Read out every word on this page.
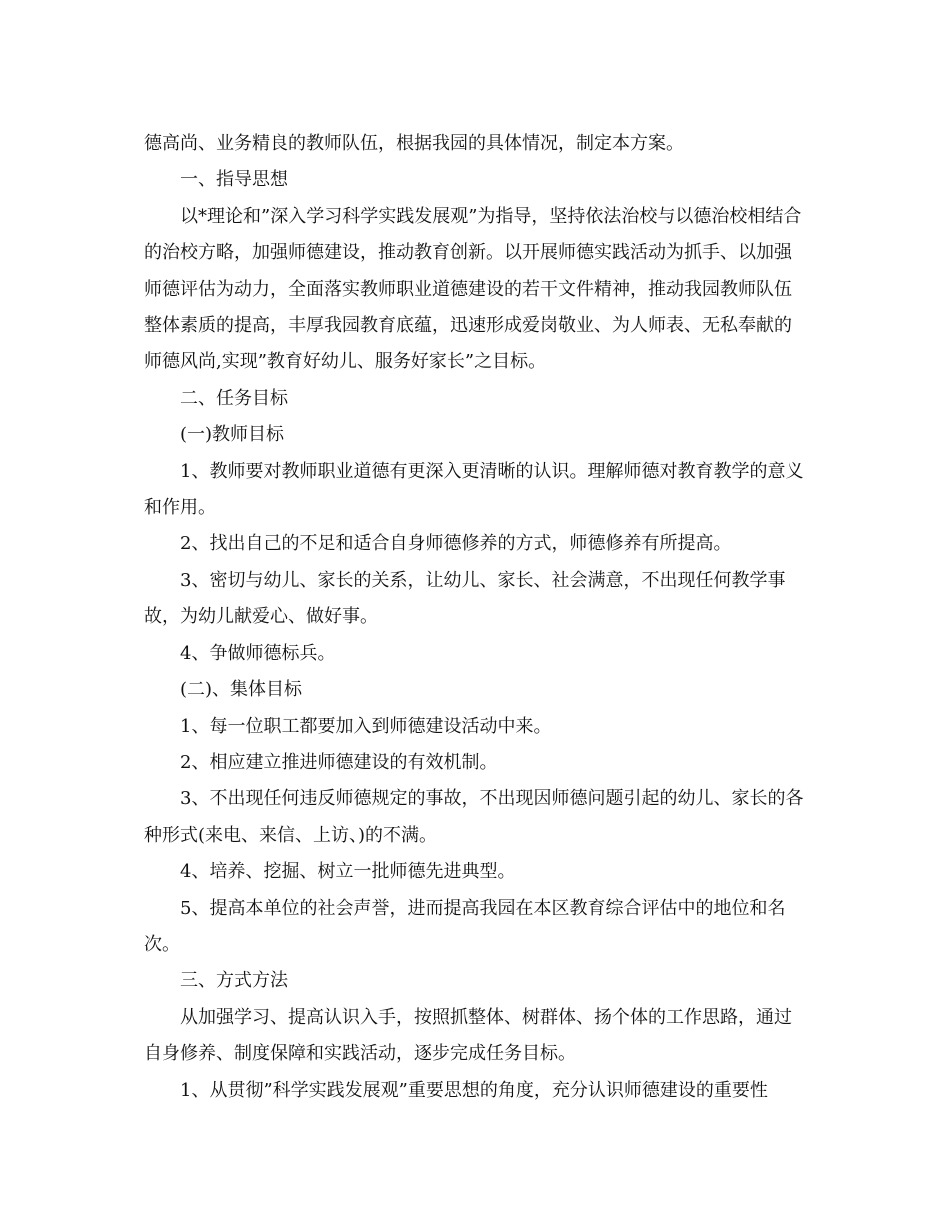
德高尚、业务精良的教师队伍，根据我园的具体情况，制定本方案。

一、指导思想

以*理论和”深入学习科学实践发展观”为指导，坚持依法治校与以德治校相结合的治校方略，加强师德建设，推动教育创新。以开展师德实践活动为抓手、以加强师德评估为动力，全面落实教师职业道德建设的若干文件精神，推动我园教师队伍整体素质的提高，丰厚我园教育底蕴，迅速形成爱岗敬业、为人师表、无私奉献的师德风尚,实现”教育好幼儿、服务好家长”之目标。

二、任务目标

(一)教师目标

1、教师要对教师职业道德有更深入更清晰的认识。理解师德对教育教学的意义和作用。

2、找出自己的不足和适合自身师德修养的方式，师德修养有所提高。

3、密切与幼儿、家长的关系，让幼儿、家长、社会满意，不出现任何教学事故，为幼儿献爱心、做好事。

4、争做师德标兵。

(二)、集体目标

1、每一位职工都要加入到师德建设活动中来。

2、相应建立推进师德建设的有效机制。

3、不出现任何违反师德规定的事故，不出现因师德问题引起的幼儿、家长的各种形式(来电、来信、上访、)的不满。

4、培养、挖掘、树立一批师德先进典型。

5、提高本单位的社会声誉，进而提高我园在本区教育综合评估中的地位和名次。

三、方式方法

从加强学习、提高认识入手，按照抓整体、树群体、扬个体的工作思路，通过自身修养、制度保障和实践活动，逐步完成任务目标。

1、从贯彻”科学实践发展观”重要思想的角度，充分认识师德建设的重要性
